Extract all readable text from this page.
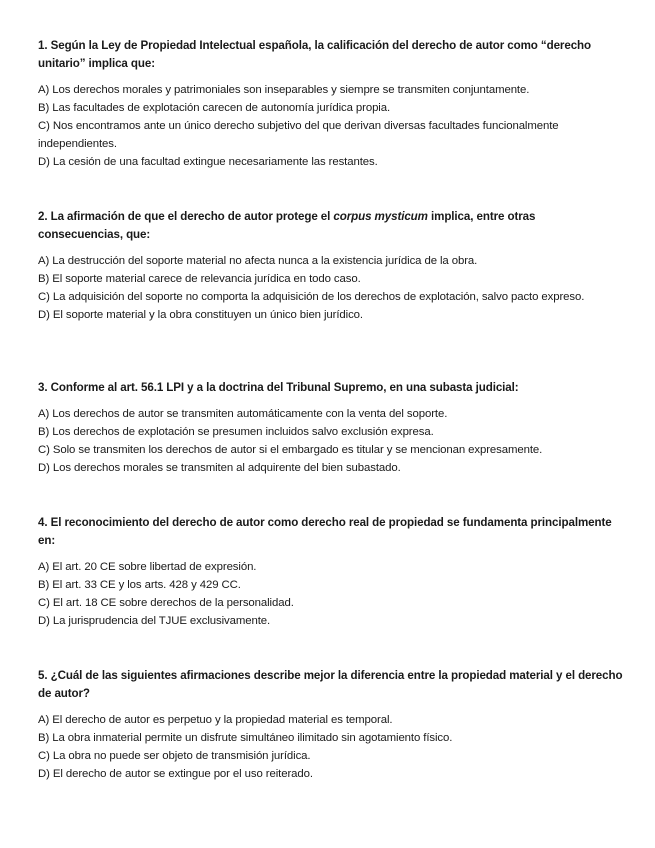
1. Según la Ley de Propiedad Intelectual española, la calificación del derecho de autor como “derecho unitario” implica que:

A) Los derechos morales y patrimoniales son inseparables y siempre se transmiten conjuntamente.

B) Las facultades de explotación carecen de autonomía jurídica propia.

C) Nos encontramos ante un único derecho subjetivo del que derivan diversas facultades funcionalmente independientes.

D) La cesión de una facultad extingue necesariamente las restantes.

2. La afirmación de que el derecho de autor protege el corpus mysticum implica, entre otras consecuencias, que:

A) La destrucción del soporte material no afecta nunca a la existencia jurídica de la obra.

B) El soporte material carece de relevancia jurídica en todo caso.

C) La adquisición del soporte no comporta la adquisición de los derechos de explotación, salvo pacto expreso.

D) El soporte material y la obra constituyen un único bien jurídico.

3. Conforme al art. 56.1 LPI y a la doctrina del Tribunal Supremo, en una subasta judicial:

A) Los derechos de autor se transmiten automáticamente con la venta del soporte.

B) Los derechos de explotación se presumen incluidos salvo exclusión expresa.

C) Solo se transmiten los derechos de autor si el embargado es titular y se mencionan expresamente.

D) Los derechos morales se transmiten al adquirente del bien subastado.

4. El reconocimiento del derecho de autor como derecho real de propiedad se fundamenta principalmente en:

A) El art. 20 CE sobre libertad de expresión.

B) El art. 33 CE y los arts. 428 y 429 CC.

C) El art. 18 CE sobre derechos de la personalidad.

D) La jurisprudencia del TJUE exclusivamente.

5. ¿Cuál de las siguientes afirmaciones describe mejor la diferencia entre la propiedad material y el derecho de autor?

A) El derecho de autor es perpetuo y la propiedad material es temporal.

B) La obra inmaterial permite un disfrute simultáneo ilimitado sin agotamiento físico.

C) La obra no puede ser objeto de transmisión jurídica.

D) El derecho de autor se extingue por el uso reiterado.
